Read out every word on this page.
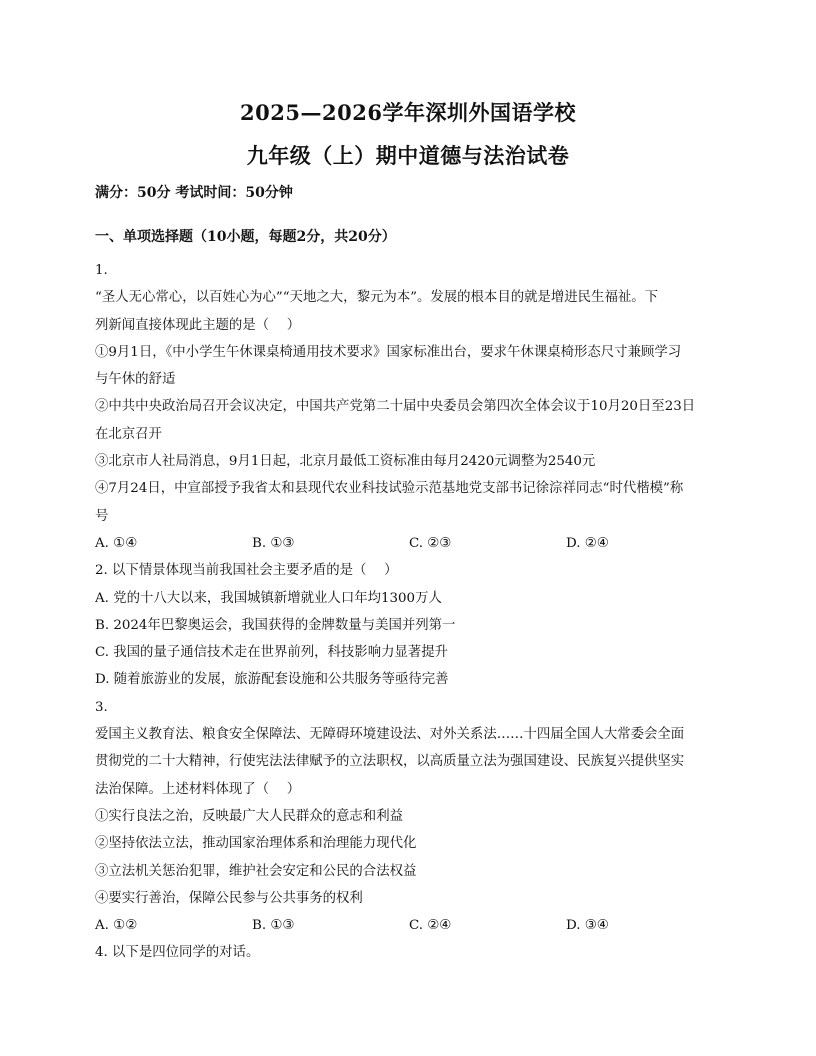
2025—2026学年深圳外国语学校
九年级（上）期中道德与法治试卷
满分：50分 考试时间：50分钟
一、单项选择题（10小题，每题2分，共20分）
1.
“圣人无心常心，以百姓心为心”“天地之大，黎元为本”。发展的根本目的就是增进民生福祉。下
列新闻直接体现此主题的是（　 ）
①9月1日，《中小学生午休课桌椅通用技术要求》国家标准出台，要求午休课桌椅形态尺寸兼顾学习
与午休的舒适
②中共中央政治局召开会议决定，中国共产党第二十届中央委员会第四次全体会议于10月20日至23日
在北京召开
③北京市人社局消息，9月1日起，北京月最低工资标准由每月2420元调整为2540元
④7月24日，中宣部授予我省太和县现代农业科技试验示范基地党支部书记徐淙祥同志“时代楷模”称
号
A. ①④	B. ①③	C. ②③	D. ②④
2. 以下情景体现当前我国社会主要矛盾的是（　 ）
A. 党的十八大以来，我国城镇新增就业人口年均1300万人
B. 2024年巴黎奥运会，我国获得的金牌数量与美国并列第一
C. 我国的量子通信技术走在世界前列，科技影响力显著提升
D. 随着旅游业的发展，旅游配套设施和公共服务等亟待完善
3.
爱国主义教育法、粮食安全保障法、无障碍环境建设法、对外关系法……十四届全国人大常委会全面
贯彻党的二十大精神，行使宪法法律赋予的立法职权，以高质量立法为强国建设、民族复兴提供坚实
法治保障。上述材料体现了（　 ）
①实行良法之治，反映最广大人民群众的意志和利益
②坚持依法立法，推动国家治理体系和治理能力现代化
③立法机关惩治犯罪，维护社会安定和公民的合法权益
④要实行善治，保障公民参与公共事务的权利
A. ①②	B. ①③	C. ②④	D. ③④
4. 以下是四位同学的对话。
